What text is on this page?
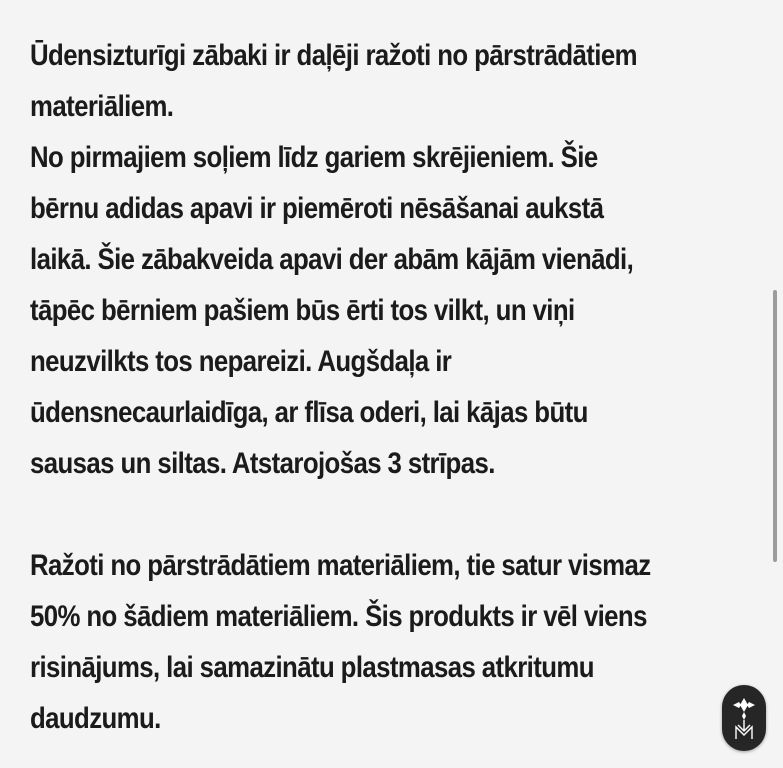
Ūdensizturīgi zābaki ir daļēji ražoti no pārstrādātiem materiāliem.

No pirmajiem soļiem līdz gariem skrējieniem. Šie bērnu adidas apavi ir piemēroti nēsāšanai aukstā laikā. Šie zābakveida apavi der abām kājām vienādi, tāpēc bērniem pašiem būs ērti tos vilkt, un viņi neuzvilkts tos nepareizi. Augšdaļa ir ūdensnecaurlaidīga, ar flīsa oderi, lai kājas būtu sausas un siltas. Atstarojošas 3 strīpas.

Ražoti no pārstrādātiem materiāliem, tie satur vismaz 50% no šādiem materiāliem. Šis produkts ir vēl viens risinājums, lai samazinātu plastmasas atkritumu daudzumu.
